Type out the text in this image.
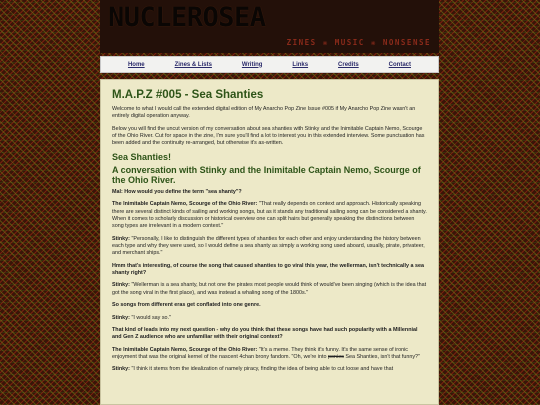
NUCLEROSEA
ZINES ❋ MUSIC ❋ NONSENSE
Home	Zines & Lists	Writing	Links	Credits	Contact
M.A.P.Z #005 - Sea Shanties

Welcome to what I would call the extended digital edition of My Anarcho Pop Zine Issue #005 if My Anarcho Pop Zine wasn't an entirely digital operation anyway.

Below you will find the uncut version of my conversation about sea shanties with Stinky and the Inimitable Captain Nemo, Scourge of the Ohio River. Cut for space in the zine, I'm sure you'll find a lot to interest you in this extended interview. Some punctuation has been added and the continuity re-arranged, but otherwise it's as-written.

Sea Shanties!
A conversation with Stinky and the Inimitable Captain Nemo, Scourge of the Ohio River.

Mal: How would you define the term "sea shanty"?

The Inimitable Captain Nemo, Scourge of the Ohio River: "That really depends on context and approach. Historically speaking there are several distinct kinds of sailing and working songs, but as it stands any traditional sailing song can be considered a shanty. When it comes to scholarly discussion or historical overview one can split hairs but generally speaking the distinctions between song types are irrelevant in a modern context."

Stinky: "Personally, I like to distinguish the different types of shanties for each other and enjoy understanding the history between each type and why they were used, so I would define a sea shanty as simply a working song used aboard, usually, pirate, privateer, and merchant ships."

Hmm that's interesting, of course the song that caused shanties to go viral this year, the wellerman, isn't technically a sea shanty right?

Stinky: "Wellerman is a sea shanty, but not one the pirates most people would think of would've been singing (which is the idea that got the song viral in the first place), and was instead a whaling song of the 1800s."

So songs from different eras get conflated into one genre.

Stinky: "I would say so."

That kind of leads into my next question - why do you think that these songs have had such popularity with a Millennial and Gen Z audience who are unfamiliar with their original context?

The Inimitable Captain Nemo, Scourge of the Ohio River: "It's a meme. They think it's funny. It's the same sense of ironic enjoyment that was the original kernel of the nascent 4chan brony fandom. "Oh, we're into ponies Sea Shanties, isn't that funny?"

Stinky: "I think it stems from the idealization of namely piracy, finding the idea of being able to cut loose and have that
